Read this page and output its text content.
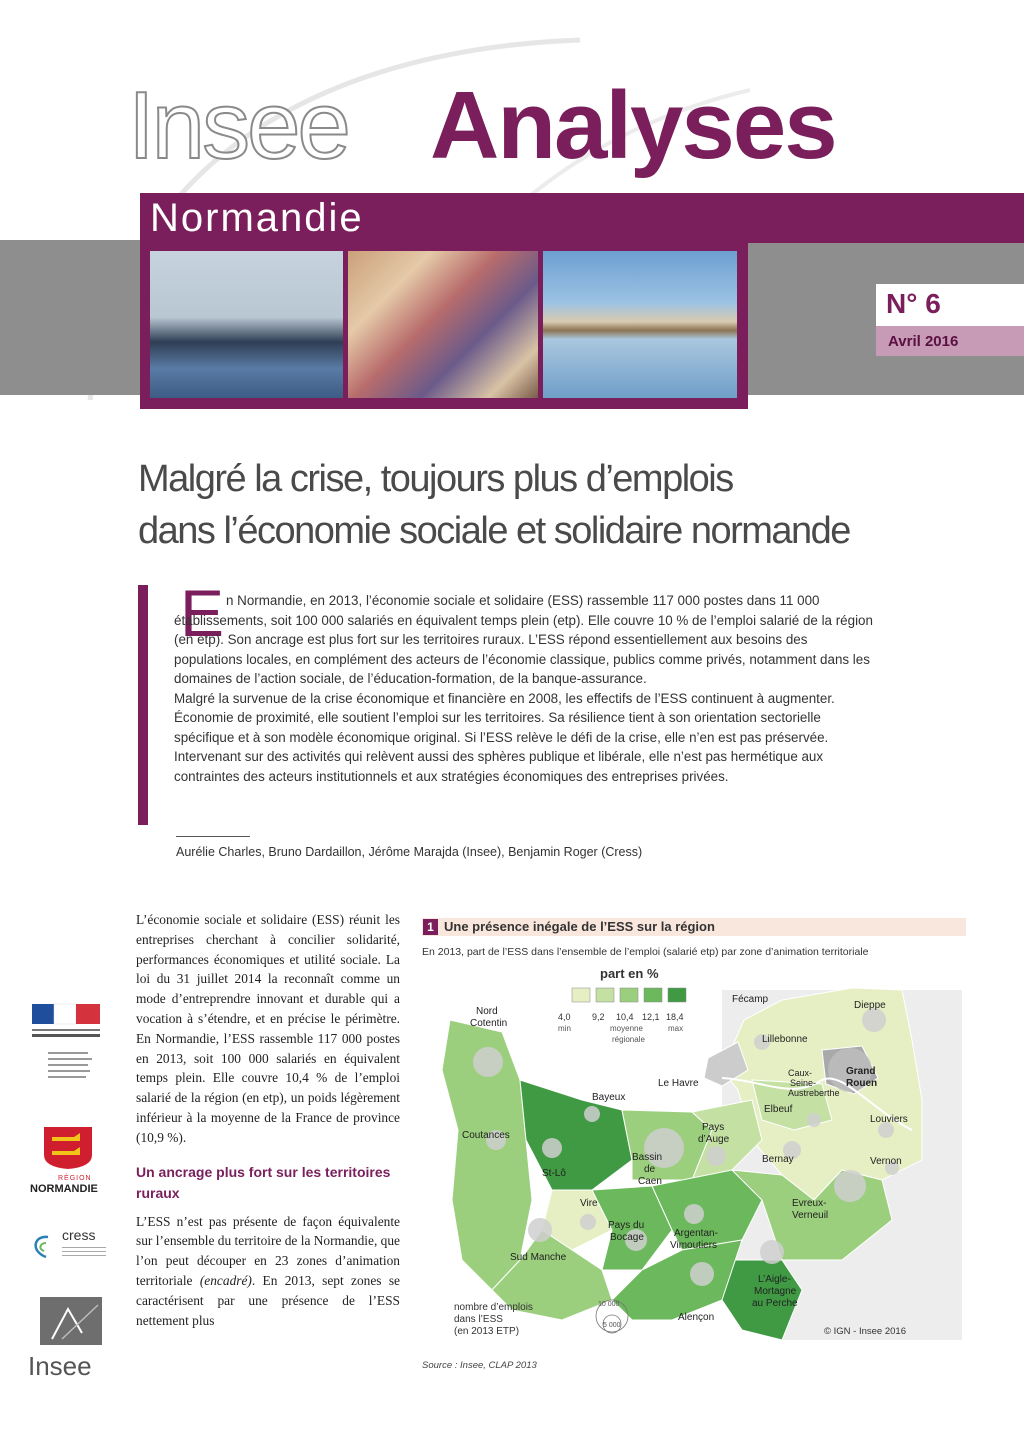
Insee Analyses
Normandie
N° 6
Avril 2016
Malgré la crise, toujours plus d’emplois
dans l’économie sociale et solidaire normande
E n Normandie, en 2013, l’économie sociale et solidaire (ESS) rassemble 117 000 postes dans 11 000 établissements, soit 100 000 salariés en équivalent temps plein (etp). Elle couvre 10 % de l’emploi salarié de la région (en etp). Son ancrage est plus fort sur les territoires ruraux. L’ESS répond essentiellement aux besoins des populations locales, en complément des acteurs de l’économie classique, publics comme privés, notamment dans les domaines de l’action sociale, de l’éducation-formation, de la banque-assurance.

Malgré la survenue de la crise économique et financière en 2008, les effectifs de l’ESS continuent à augmenter. Économie de proximité, elle soutient l’emploi sur les territoires. Sa résilience tient à son orientation sectorielle spécifique et à son modèle économique original. Si l’ESS relève le défi de la crise, elle n’en est pas préservée. Intervenant sur des activités qui relèvent aussi des sphères publique et libérale, elle n’est pas hermétique aux contraintes des acteurs institutionnels et aux stratégies économiques des entreprises privées.

Aurélie Charles, Bruno Dardaillon, Jérôme Marajda (Insee), Benjamin Roger (Cress)
RÉGION
NORMANDIE
cress
Insee

L’économie sociale et solidaire (ESS) réunit les entreprises cherchant à concilier solidarité, performances économiques et utilité sociale. La loi du 31 juillet 2014 la reconnaît comme un mode d’entreprendre innovant et durable qui a vocation à s’étendre, et en précise le périmètre. En Normandie, l’ESS rassemble 117 000 postes en 2013, soit 100 000 salariés en équivalent temps plein. Elle couvre 10,4 % de l’emploi salarié de la région (en etp), un poids légèrement inférieur à la moyenne de la France de province (10,9 %).

Un ancrage plus fort sur les territoires ruraux

L’ESS n’est pas présente de façon équivalente sur l’ensemble du territoire de la Normandie, que l’on peut découper en 23 zones d’animation territoriale (encadré). En 2013, sept zones se caractérisent par une présence de l’ESS nettement plus

1 Une présence inégale de l’ESS sur la région
En 2013, part de l’ESS dans l’ensemble de l’emploi (salarié etp) par zone d’animation territoriale
part en %
4,0 9,2 10,4 12,1 18,4
min	moyenne
régionale
max
Nord
Cotentin
Fécamp
Dieppe
Lillebonne
Caux-
Seine-
Austreberthe
Grand
Rouen
Le Havre
Bayeux
Elbeuf
Louviers
Coutances
Pays
d’Auge
Bassin
de
Caen
Bernay	Vernon
St-Lô
Vire	Evreux-
Verneuil
Pays du
Bocage	Argentan-
Vimoutiers
Sud Manche
L’Aigle-
Mortagne
au Perche
Alençon
nombre d’emplois
dans l’ESS
(en 2013 ETP)
10 000
5 000
© IGN - Insee 2016
Source : Insee, CLAP 2013
